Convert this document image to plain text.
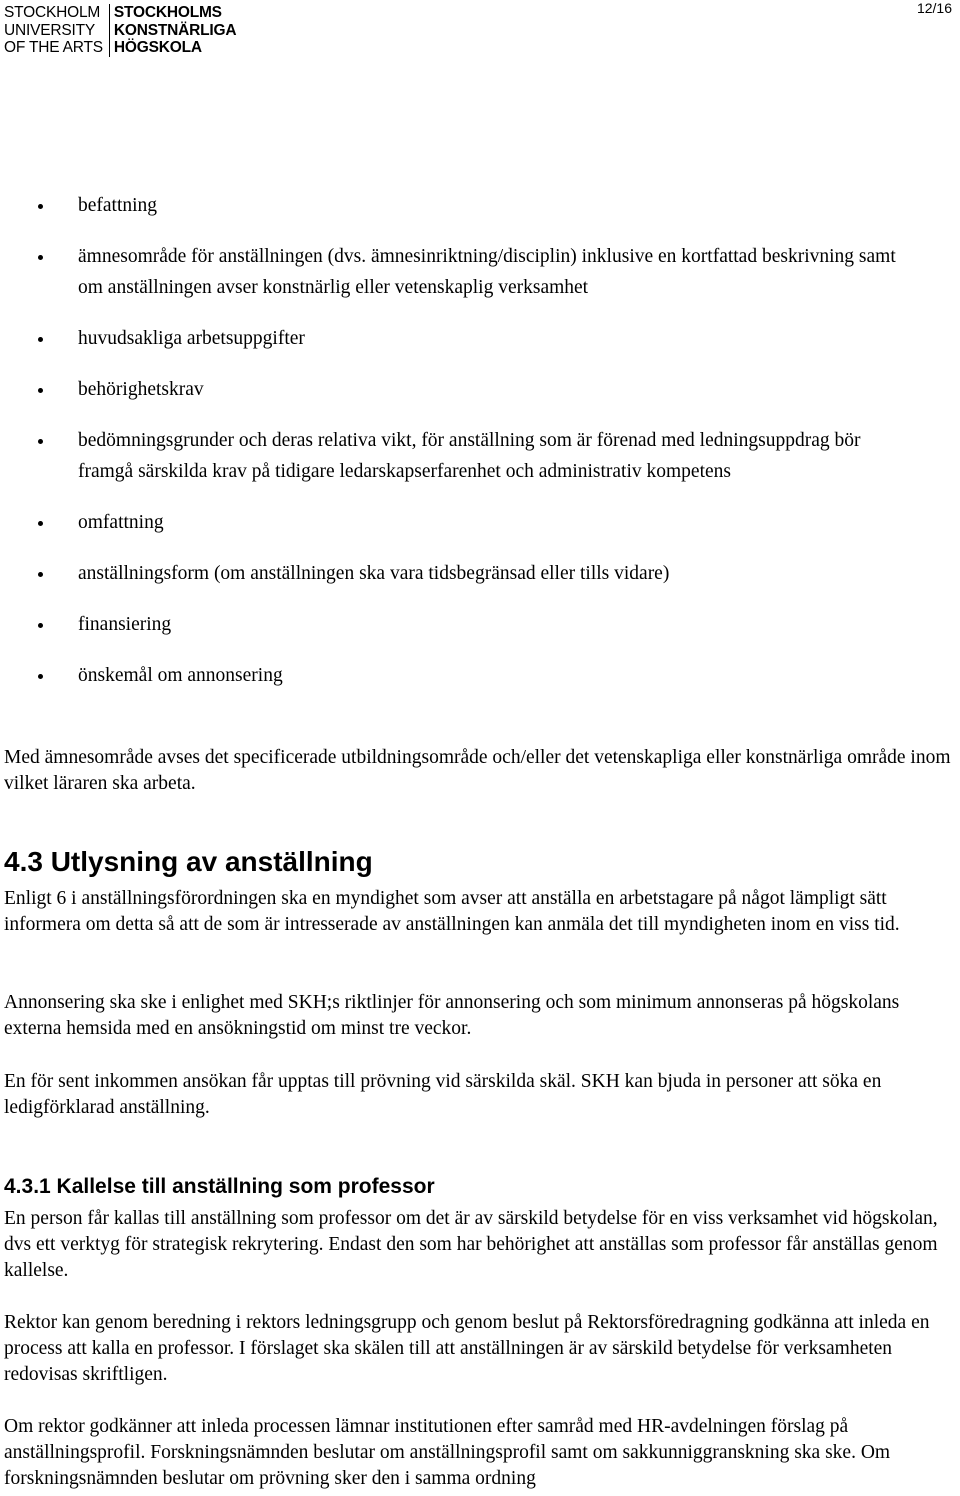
STOCKHOLM
UNIVERSITY
OF THE ARTS
STOCKHOLMS
KONSTNÄRLIGA
HÖGSKOLA
12/16
befattning
ämnesområde för anställningen (dvs. ämnesinriktning/disciplin) inklusive en kortfattad beskrivning samt om anställningen avser konstnärlig eller vetenskaplig verksamhet
huvudsakliga arbetsuppgifter
behörighetskrav
bedömningsgrunder och deras relativa vikt, för anställning som är förenad med ledningsuppdrag bör framgå särskilda krav på tidigare ledarskapserfarenhet och administrativ kompetens
omfattning
anställningsform (om anställningen ska vara tidsbegränsad eller tills vidare)
finansiering
önskemål om annonsering
Med ämnesområde avses det specificerade utbildningsområde och/eller det vetenskapliga eller konstnärliga område inom vilket läraren ska arbeta.
4.3 Utlysning av anställning
Enligt 6 i anställningsförordningen ska en myndighet som avser att anställa en arbetstagare på något lämpligt sätt informera om detta så att de som är intresserade av anställningen kan anmäla det till myndigheten inom en viss tid.
Annonsering ska ske i enlighet med SKH;s riktlinjer för annonsering och som minimum annonseras på högskolans externa hemsida med en ansökningstid om minst tre veckor.
En för sent inkommen ansökan får upptas till prövning vid särskilda skäl. SKH kan bjuda in personer att söka en ledigförklarad anställning.
4.3.1 Kallelse till anställning som professor
En person får kallas till anställning som professor om det är av särskild betydelse för en viss verksamhet vid högskolan, dvs ett verktyg för strategisk rekrytering. Endast den som har behörighet att anställas som professor får anställas genom kallelse.
Rektor kan genom beredning i rektors ledningsgrupp och genom beslut på Rektorsföredragning godkänna att inleda en process att kalla en professor. I förslaget ska skälen till att anställningen är av särskild betydelse för verksamheten redovisas skriftligen.
Om rektor godkänner att inleda processen lämnar institutionen efter samråd med HR-avdelningen förslag på anställningsprofil. Forskningsnämnden beslutar om anställningsprofil samt om sakkunniggranskning ska ske. Om forskningsnämnden beslutar om prövning sker den i samma ordning
